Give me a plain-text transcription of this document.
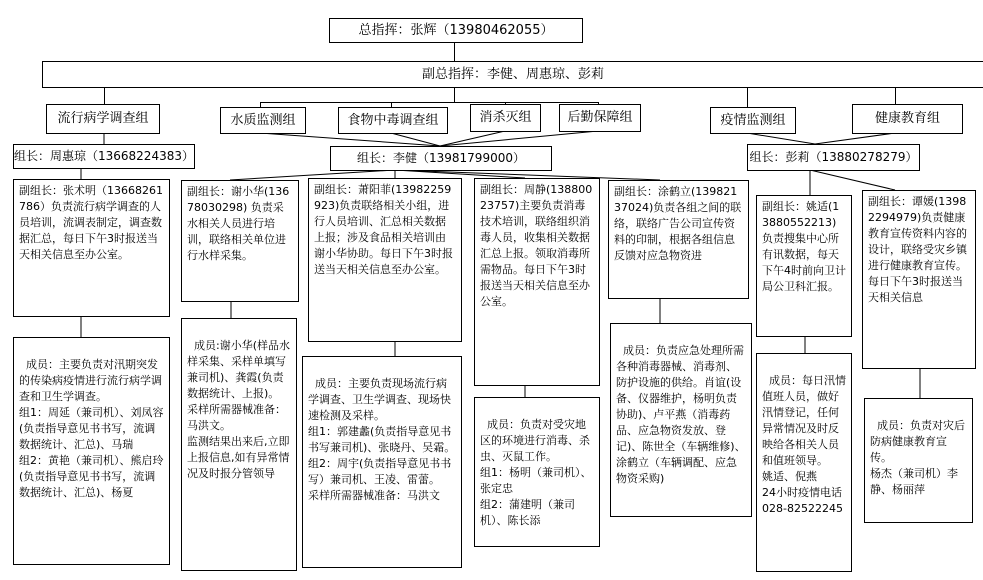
总指挥：张辉（13980462055）
副总指挥：李健、周惠琼、彭莉
流行病学调查组	水质监测组	食物中毒调查组	消杀灭组	后勤保障组	疫情监测组	健康教育组
组长：周惠琼（13668224383）	组长：李健（13981799000）	组长：彭莉（13880278279）
副组长：张术明（13668261786）负责流行病学调查的人员培训，流调表制定，调查数据汇总，每日下午3时报送当天相关信息至办公室。
副组长：谢小华(13678030298) 负责采水相关人员进行培训，联络相关单位进行水样采集。
副组长：萧阳菲(13982259923)负责联络相关小组，进行人员培训、汇总相关数据上报；涉及食品相关培训由谢小华协助。每日下午3时报送当天相关信息至办公室。
副组长：周静(13880023757)主要负责消毒技术培训，联络组织消毒人员，收集相关数据汇总上报。领取消毒所需物品。每日下午3时报送当天相关信息至办公室。
副组长：涂鹤立(13982137024)负责各组之间的联络，联络广告公司宣传资料的印制，根据各组信息反馈对应急物资进
副组长：姚适(13880552213)负责搜集中心所有讯数据，每天下午4时前向卫计局公卫科汇报。
副组长：谭媛(13982294979)负责健康教育宣传资料内容的设计，联络受灾乡镇进行健康教育宣传。每日下午3时报送当天相关信息

成员：主要负责对汛期突发的传染病疫情进行流行病学调查和卫生学调查。
组1：周延（兼司机）、刘凤容(负责指导意见书书写，流调数据统计、汇总)、马瑞
组2：黄艳（兼司机）、熊启玲(负责指导意见书书写，流调数据统计、汇总)、杨夏

成员:谢小华(样品水样采集、采样单填写兼司机)、龚霞(负责数据统计、上报)。
采样所需器械准备：马洪文。
监测结果出来后,立即上报信息,如有异常情况及时报分管领导

成员：主要负责现场流行病学调查、卫生学调查、现场快速检测及采样。
组1：郭建蠡(负责指导意见书书写兼司机)、张晓丹、吴霜。
组2：周宇(负责指导意见书书写）兼司机、王凌、雷蕾。
采样所需器械准备：马洪文

成员：负责对受灾地区的环境进行消毒、杀虫、灭鼠工作。
组1：杨明（兼司机）、张定忠
组2：蒲建明（兼司机）、陈长添

成员：负责应急处理所需各种消毒器械、消毒剂、防护设施的供给。肖谊(设备、仪器维护，杨明负责协助)、卢平燕（消毒药品、应急物资发放、登记)、陈世全（车辆维修)、涂鹤立（车辆调配、应急物资采购)

成员：每日汛情值班人员，做好汛情登记，任何异常情况及时反映给各相关人员和值班领导。
姚适、倪燕
24小时疫情电话
028-82522245

成员：负责对灾后防病健康教育宣传。
杨杰（兼司机）李静、杨丽萍
